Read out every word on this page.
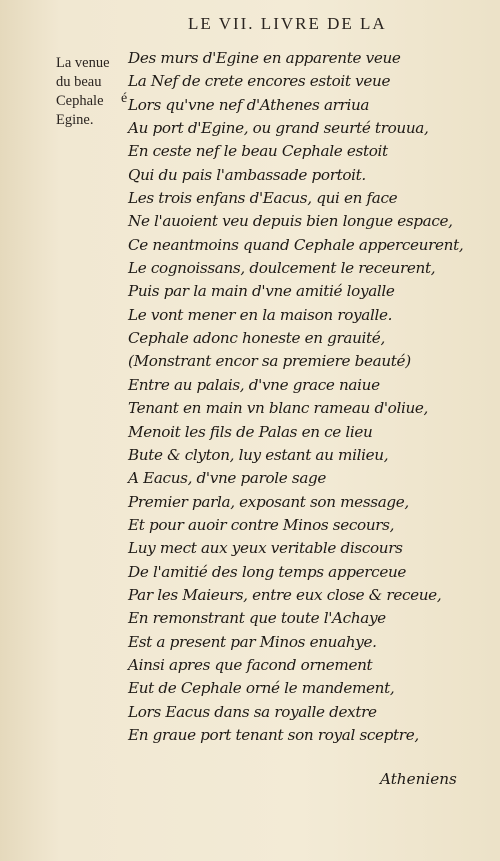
LE VII. LIVRE DE LA
La venue
du beau
Cephale
Egine.
é
Des murs d'Egine en apparente veue
La Nef de crete encores estoit veue
Lors qu'vne nef d'Athenes arriua
Au port d'Egine, ou grand seurté trouua,
En ceste nef le beau Cephale estoit
Qui du pais l'ambassade portoit.
Les trois enfans d'Eacus, qui en face
Ne l'auoient veu depuis bien longue espace,
Ce neantmoins quand Cephale apperceurent,
Le cognoissans, doulcement le receurent,
Puis par la main d'vne amitié loyalle
Le vont mener en la maison royalle.
Cephale adonc honeste en grauité,
(Monstrant encor sa premiere beauté)
Entre au palais, d'vne grace naiue
Tenant en main vn blanc rameau d'oliue,
Menoit les fils de Palas en ce lieu
Bute & clyton, luy estant au milieu,
A Eacus, d'vne parole sage
Premier parla, exposant son message,
Et pour auoir contre Minos secours,
Luy mect aux yeux veritable discours
De l'amitié des long temps apperceue
Par les Maieurs, entre eux close & receue,
En remonstrant que toute l'Achaye
Est a present par Minos enuahye.
Ainsi apres que facond ornement
Eut de Cephale orné le mandement,
Lors Eacus dans sa royalle dextre
En graue port tenant son royal sceptre,
Atheniens
